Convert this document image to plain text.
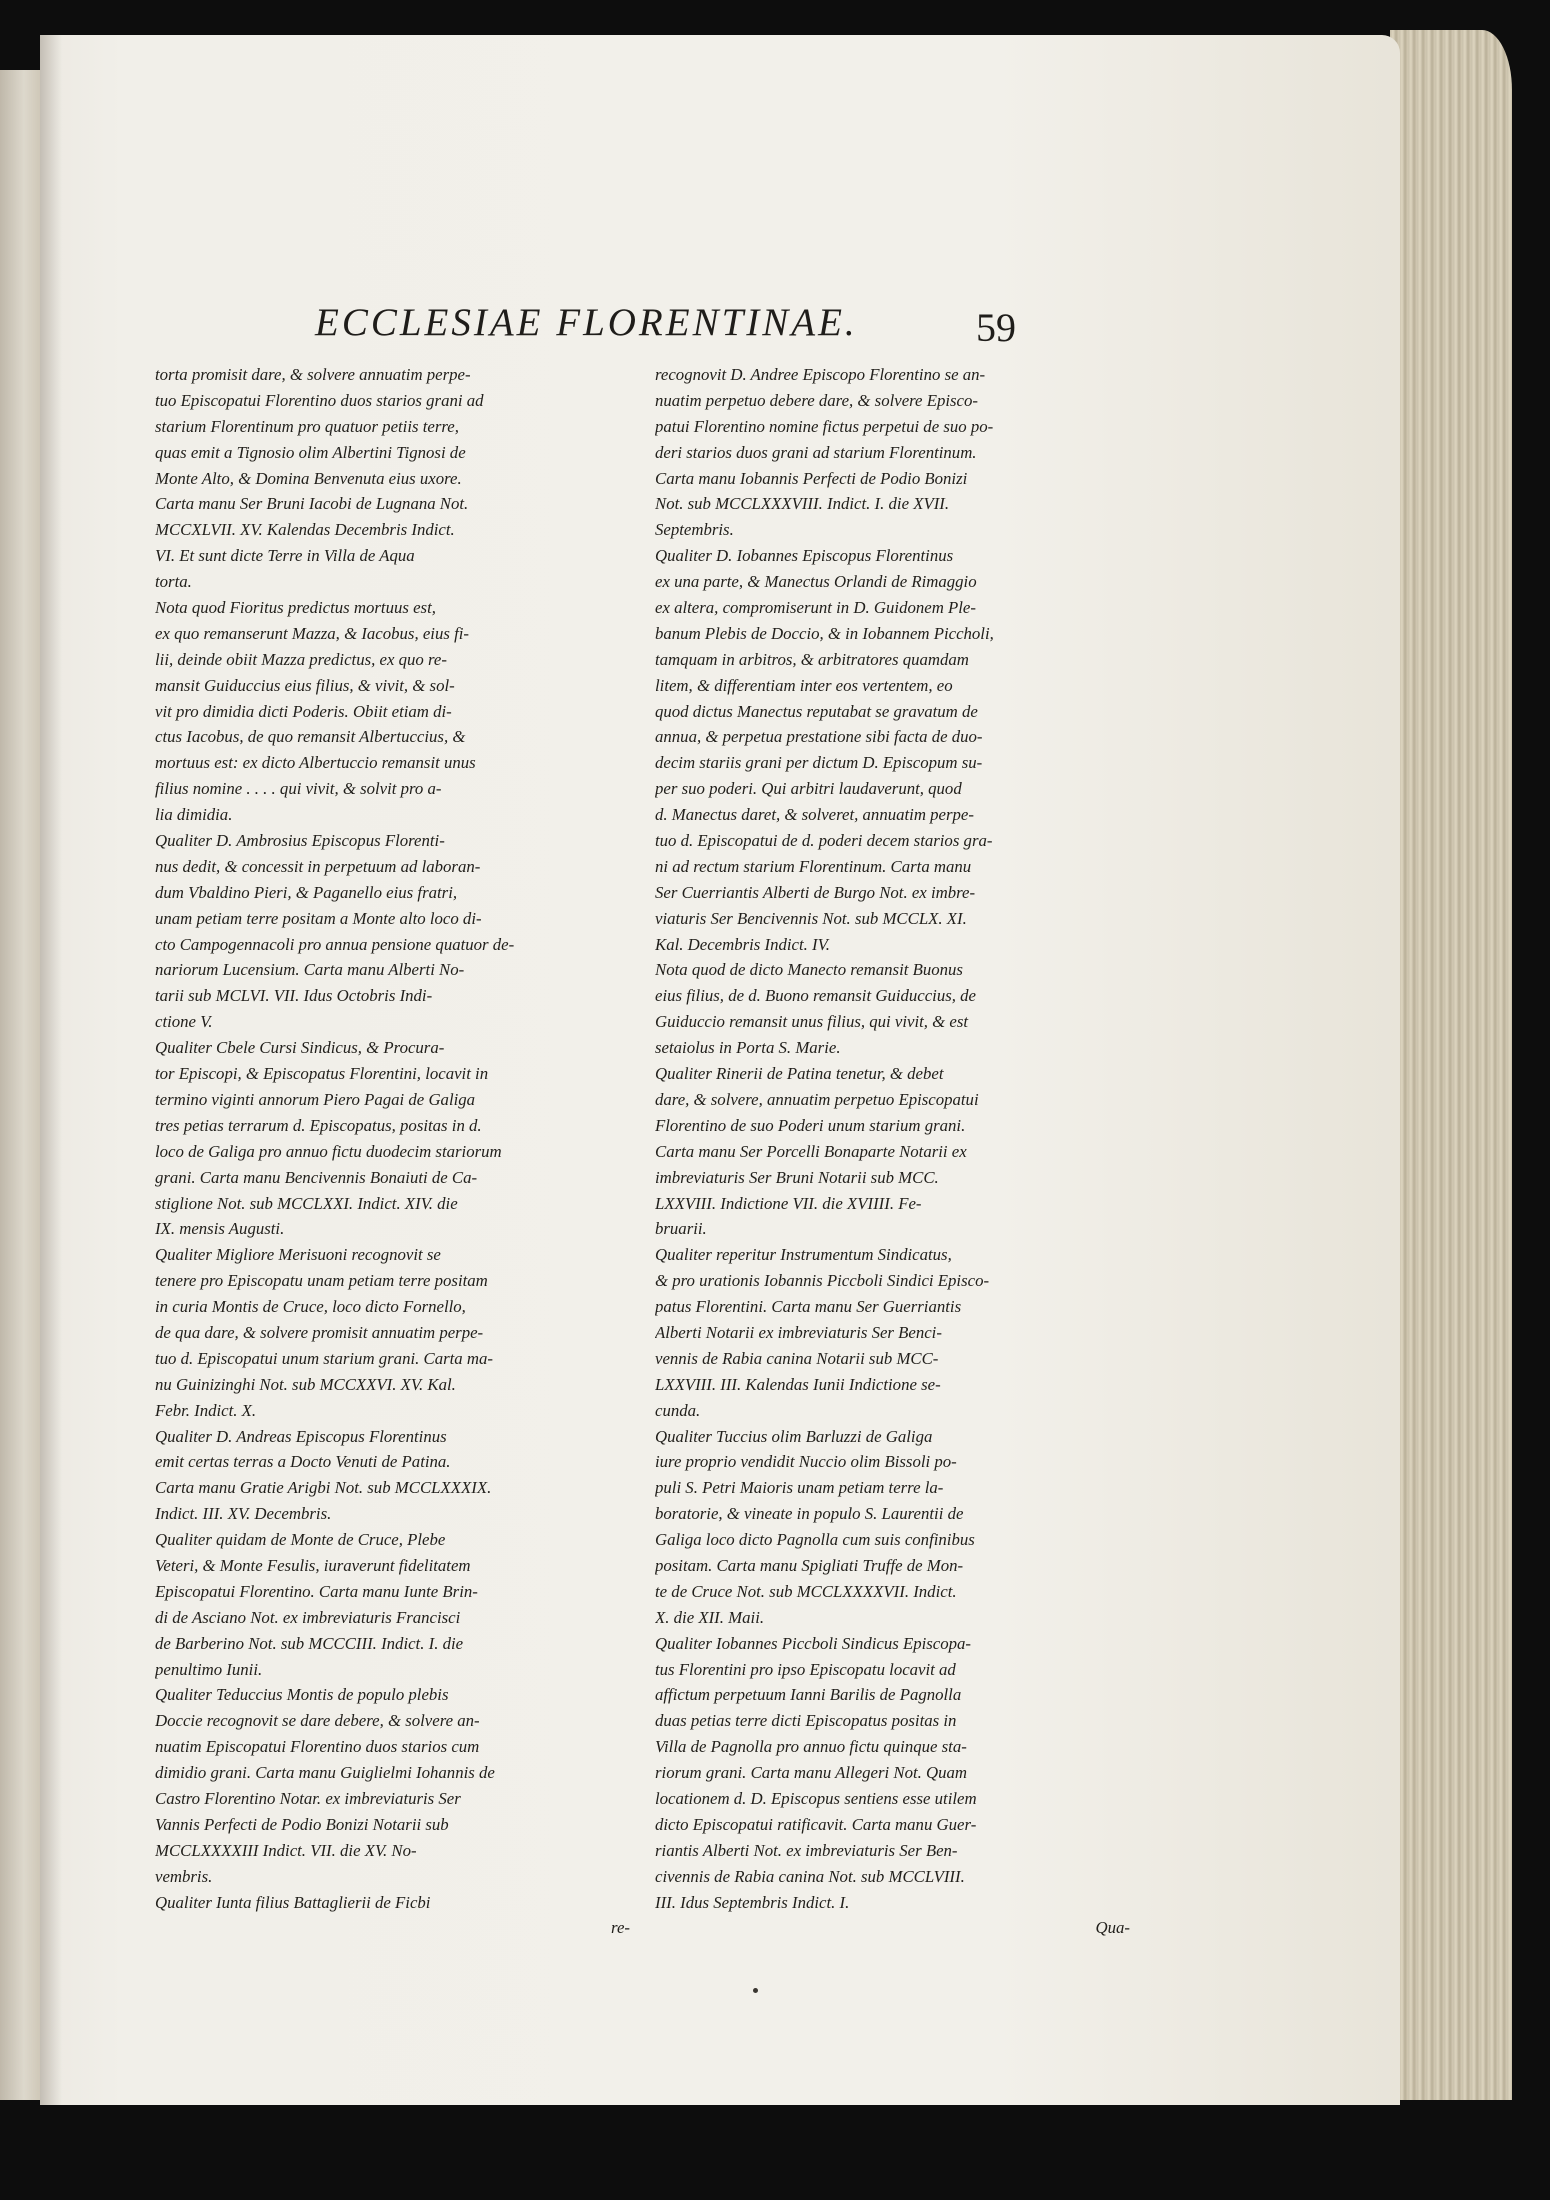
ECCLESIAE FLORENTINAE.	59
torta promisit dare, & solvere annuatim perpe-
tuo Episcopatui Florentino duos starios grani ad
starium Florentinum pro quatuor petiis terre,
quas emit a Tignosio olim Albertini Tignosi de
Monte Alto, & Domina Benvenuta eius uxore.
Carta manu Ser Bruni Iacobi de Lugnana Not.
MCCXLVII. XV. Kalendas Decembris Indict.
VI. Et sunt dicte Terre in Villa de Aqua
torta.
Nota quod Fioritus predictus mortuus est,
ex quo remanserunt Mazza, & Iacobus, eius fi-
lii, deinde obiit Mazza predictus, ex quo re-
mansit Guiduccius eius filius, & vivit, & sol-
vit pro dimidia dicti Poderis. Obiit etiam di-
ctus Iacobus, de quo remansit Albertuccius, &
mortuus est: ex dicto Albertuccio remansit unus
filius nomine . . . . qui vivit, & solvit pro a-
lia dimidia.
Qualiter D. Ambrosius Episcopus Florenti-
nus dedit, & concessit in perpetuum ad laboran-
dum Vbaldino Pieri, & Paganello eius fratri,
unam petiam terre positam a Monte alto loco di-
cto Campogennacoli pro annua pensione quatuor de-
nariorum Lucensium. Carta manu Alberti No-
tarii sub MCLVI. VII. Idus Octobris Indi-
ctione V.
Qualiter Cbele Cursi Sindicus, & Procura-
tor Episcopi, & Episcopatus Florentini, locavit in
termino viginti annorum Piero Pagai de Galiga
tres petias terrarum d. Episcopatus, positas in d.
loco de Galiga pro annuo fictu duodecim stariorum
grani. Carta manu Bencivennis Bonaiuti de Ca-
stiglione Not. sub MCCLXXI. Indict. XIV. die
IX. mensis Augusti.
Qualiter Migliore Merisuoni recognovit se
tenere pro Episcopatu unam petiam terre positam
in curia Montis de Cruce, loco dicto Fornello,
de qua dare, & solvere promisit annuatim perpe-
tuo d. Episcopatui unum starium grani. Carta ma-
nu Guinizinghi Not. sub MCCXXVI. XV. Kal.
Febr. Indict. X.
Qualiter D. Andreas Episcopus Florentinus
emit certas terras a Docto Venuti de Patina.
Carta manu Gratie Arigbi Not. sub MCCLXXXIX.
Indict. III. XV. Decembris.
Qualiter quidam de Monte de Cruce, Plebe
Veteri, & Monte Fesulis, iuraverunt fidelitatem
Episcopatui Florentino. Carta manu Iunte Brin-
di de Asciano Not. ex imbreviaturis Francisci
de Barberino Not. sub MCCCIII. Indict. I. die
penultimo Iunii.
Qualiter Teduccius Montis de populo plebis
Doccie recognovit se dare debere, & solvere an-
nuatim Episcopatui Florentino duos starios cum
dimidio grani. Carta manu Guiglielmi Iohannis de
Castro Florentino Notar. ex imbreviaturis Ser
Vannis Perfecti de Podio Bonizi Notarii sub
MCCLXXXXIII Indict. VII. die XV. No-
vembris.
Qualiter Iunta filius Battaglierii de Ficbi
re-
recognovit D. Andree Episcopo Florentino se an-
nuatim perpetuo debere dare, & solvere Episco-
patui Florentino nomine fictus perpetui de suo po-
deri starios duos grani ad starium Florentinum.
Carta manu Iobannis Perfecti de Podio Bonizi
Not. sub MCCLXXXVIII. Indict. I. die XVII.
Septembris.
Qualiter D. Iobannes Episcopus Florentinus
ex una parte, & Manectus Orlandi de Rimaggio
ex altera, compromiserunt in D. Guidonem Ple-
banum Plebis de Doccio, & in Iobannem Piccholi,
tamquam in arbitros, & arbitratores quamdam
litem, & differentiam inter eos vertentem, eo
quod dictus Manectus reputabat se gravatum de
annua, & perpetua prestatione sibi facta de duo-
decim stariis grani per dictum D. Episcopum su-
per suo poderi. Qui arbitri laudaverunt, quod
d. Manectus daret, & solveret, annuatim perpe-
tuo d. Episcopatui de d. poderi decem starios gra-
ni ad rectum starium Florentinum. Carta manu
Ser Cuerriantis Alberti de Burgo Not. ex imbre-
viaturis Ser Bencivennis Not. sub MCCLX. XI.
Kal. Decembris Indict. IV.
Nota quod de dicto Manecto remansit Buonus
eius filius, de d. Buono remansit Guiduccius, de
Guiduccio remansit unus filius, qui vivit, & est
setaiolus in Porta S. Marie.
Qualiter Rinerii de Patina tenetur, & debet
dare, & solvere, annuatim perpetuo Episcopatui
Florentino de suo Poderi unum starium grani.
Carta manu Ser Porcelli Bonaparte Notarii ex
imbreviaturis Ser Bruni Notarii sub MCC.
LXXVIII. Indictione VII. die XVIIII. Fe-
bruarii.
Qualiter reperitur Instrumentum Sindicatus,
& pro urationis Iobannis Piccboli Sindici Episco-
patus Florentini. Carta manu Ser Guerriantis
Alberti Notarii ex imbreviaturis Ser Benci-
vennis de Rabia canina Notarii sub MCC-
LXXVIII. III. Kalendas Iunii Indictione se-
cunda.
Qualiter Tuccius olim Barluzzi de Galiga
iure proprio vendidit Nuccio olim Bissoli po-
puli S. Petri Maioris unam petiam terre la-
boratorie, & vineate in populo S. Laurentii de
Galiga loco dicto Pagnolla cum suis confinibus
positam. Carta manu Spigliati Truffe de Mon-
te de Cruce Not. sub MCCLXXXXVII. Indict.
X. die XII. Maii.
Qualiter Iobannes Piccboli Sindicus Episcopa-
tus Florentini pro ipso Episcopatu locavit ad
affictum perpetuum Ianni Barilis de Pagnolla
duas petias terre dicti Episcopatus positas in
Villa de Pagnolla pro annuo fictu quinque sta-
riorum grani. Carta manu Allegeri Not. Quam
locationem d. D. Episcopus sentiens esse utilem
dicto Episcopatui ratificavit. Carta manu Guer-
riantis Alberti Not. ex imbreviaturis Ser Ben-
civennis de Rabia canina Not. sub MCCLVIII.
III. Idus Septembris Indict. I.
Qua-
